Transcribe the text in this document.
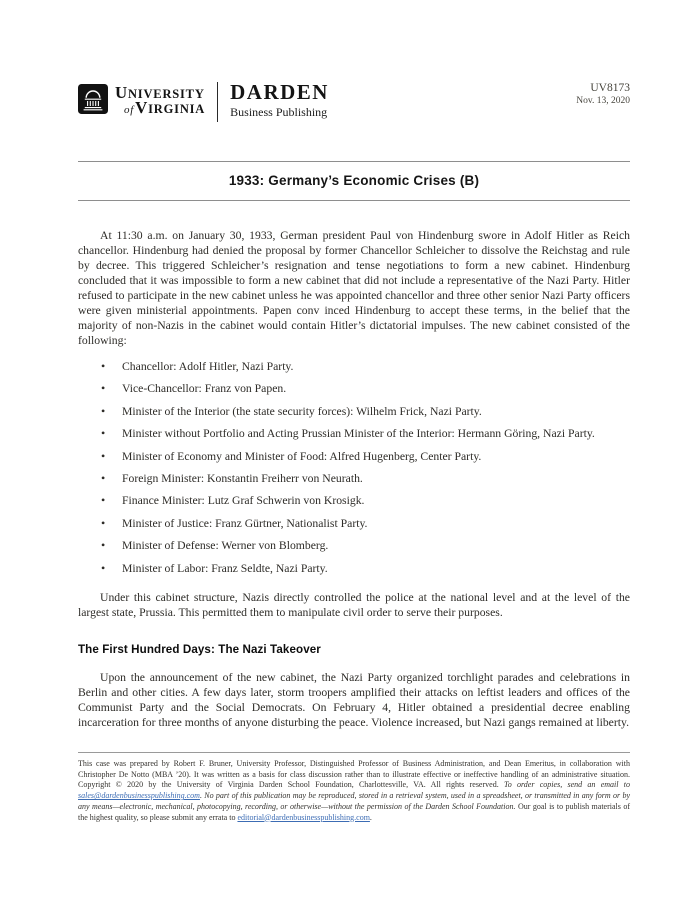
UNIVERSITY
ofVIRGINIA
DARDEN
Business Publishing
UV8173
Nov. 13, 2020
1933: Germany’s Economic Crises (B)

At 11:30 a.m. on January 30, 1933, German president Paul von Hindenburg swore in Adolf Hitler as Reich chancellor. Hindenburg had denied the proposal by former Chancellor Schleicher to dissolve the Reichstag and rule by decree. This triggered Schleicher’s resignation and tense negotiations to form a new cabinet. Hindenburg concluded that it was impossible to form a new cabinet that did not include a representative of the Nazi Party. Hitler refused to participate in the new cabinet unless he was appointed chancellor and three other senior Nazi Party officers were given ministerial appointments. Papen conv inced Hindenburg to accept these terms, in the belief that the majority of non-Nazis in the cabinet would contain Hitler’s dictatorial impulses. The new cabinet consisted of the following:

• Chancellor: Adolf Hitler, Nazi Party.
• Vice-Chancellor: Franz von Papen.
• Minister of the Interior (the state security forces): Wilhelm Frick, Nazi Party.
• Minister without Portfolio and Acting Prussian Minister of the Interior: Hermann Göring, Nazi Party.
• Minister of Economy and Minister of Food: Alfred Hugenberg, Center Party.
• Foreign Minister: Konstantin Freiherr von Neurath.
• Finance Minister: Lutz Graf Schwerin von Krosigk.
• Minister of Justice: Franz Gürtner, Nationalist Party.
• Minister of Defense: Werner von Blomberg.
• Minister of Labor: Franz Seldte, Nazi Party.

Under this cabinet structure, Nazis directly controlled the police at the national level and at the level of the largest state, Prussia. This permitted them to manipulate civil order to serve their purposes.

The First Hundred Days: The Nazi Takeover

Upon the announcement of the new cabinet, the Nazi Party organized torchlight parades and celebrations in Berlin and other cities. A few days later, storm troopers amplified their attacks on leftist leaders and offices of the Communist Party and the Social Democrats. On February 4, Hitler obtained a presidential decree enabling incarceration for three months of anyone disturbing the peace. Violence increased, but Nazi gangs remained at liberty.

This case was prepared by Robert F. Bruner, University Professor, Distinguished Professor of Business Administration, and Dean Emeritus, in collaboration with Christopher De Notto (MBA ’20). It was written as a basis for class discussion rather than to illustrate effective or ineffective handling of an administrative situation. Copyright © 2020 by the University of Virginia Darden School Foundation, Charlottesville, VA. All rights reserved. To order copies, send an email to sales@dardenbusinesspublishing.com. No part of this publication may be reproduced, stored in a retrieval system, used in a spreadsheet, or transmitted in any form or by any means—electronic, mechanical, photocopying, recording, or otherwise—without the permission of the Darden School Foundation. Our goal is to publish materials of the highest quality, so please submit any errata to editorial@dardenbusinesspublishing.com.
